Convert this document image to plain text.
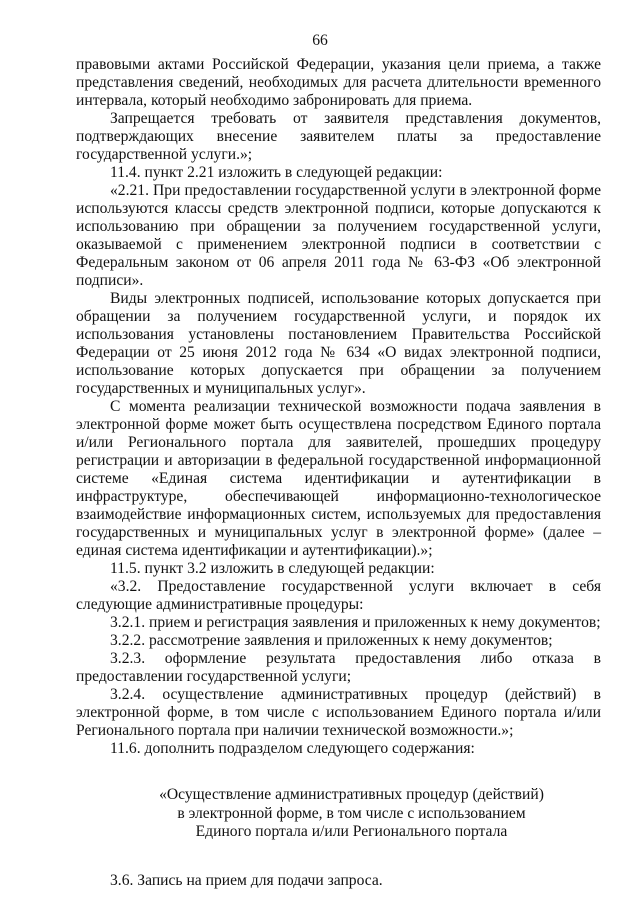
66

правовыми актами Российской Федерации, указания цели приема, а также представления сведений, необходимых для расчета длительности временного интервала, который необходимо забронировать для приема.

Запрещается требовать от заявителя представления документов, подтверждающих внесение заявителем платы за предоставление государственной услуги.»;

11.4. пункт 2.21 изложить в следующей редакции:

«2.21. При предоставлении государственной услуги в электронной форме используются классы средств электронной подписи, которые допускаются к использованию при обращении за получением государственной услуги, оказываемой с применением электронной подписи в соответствии с Федеральным законом от 06 апреля 2011 года № 63-ФЗ «Об электронной подписи».

Виды электронных подписей, использование которых допускается при обращении за получением государственной услуги, и порядок их использования установлены постановлением Правительства Российской Федерации от 25 июня 2012 года № 634 «О видах электронной подписи, использование которых допускается при обращении за получением государственных и муниципальных услуг».

С момента реализации технической возможности подача заявления в электронной форме может быть осуществлена посредством Единого портала и/или Регионального портала для заявителей, прошедших процедуру регистрации и авторизации в федеральной государственной информационной системе «Единая система идентификации и аутентификации в инфраструктуре, обеспечивающей информационно-технологическое взаимодействие информационных систем, используемых для предоставления государственных и муниципальных услуг в электронной форме» (далее – единая система идентификации и аутентификации).»;

11.5. пункт 3.2 изложить в следующей редакции:

«3.2. Предоставление государственной услуги включает в себя следующие административные процедуры:

3.2.1. прием и регистрация заявления и приложенных к нему документов;

3.2.2. рассмотрение заявления и приложенных к нему документов;

3.2.3. оформление результата предоставления либо отказа в предоставлении государственной услуги;

3.2.4. осуществление административных процедур (действий) в электронной форме, в том числе с использованием Единого портала и/или Регионального портала при наличии технической возможности.»;

11.6. дополнить подразделом следующего содержания:

«Осуществление административных процедур (действий)

в электронной форме, в том числе с использованием

Единого портала и/или Регионального портала

3.6. Запись на прием для подачи запроса.
